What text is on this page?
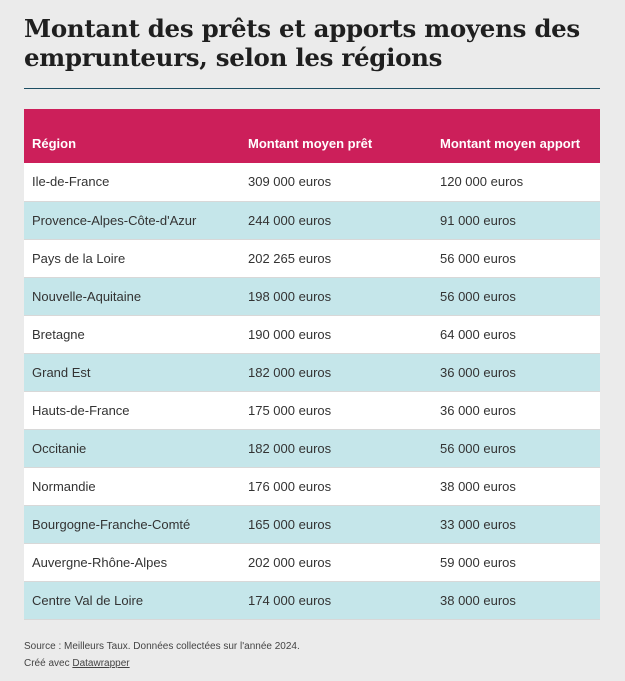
Montant des prêts et apports moyens des
emprunteurs, selon les régions
Région	Montant moyen prêt	Montant moyen apport
Ile-de-France	309 000 euros	120 000 euros
Provence-Alpes-Côte-d'Azur	244 000 euros	91 000 euros
Pays de la Loire	202 265 euros	56 000 euros
Nouvelle-Aquitaine	198 000 euros	56 000 euros
Bretagne	190 000 euros	64 000 euros
Grand Est	182 000 euros	36 000 euros
Hauts-de-France	175 000 euros	36 000 euros
Occitanie	182 000 euros	56 000 euros
Normandie	176 000 euros	38 000 euros
Bourgogne-Franche-Comté	165 000 euros	33 000 euros
Auvergne-Rhône-Alpes	202 000 euros	59 000 euros
Centre Val de Loire	174 000 euros	38 000 euros
Source : Meilleurs Taux. Données collectées sur l'année 2024.
Créé avec Datawrapper
